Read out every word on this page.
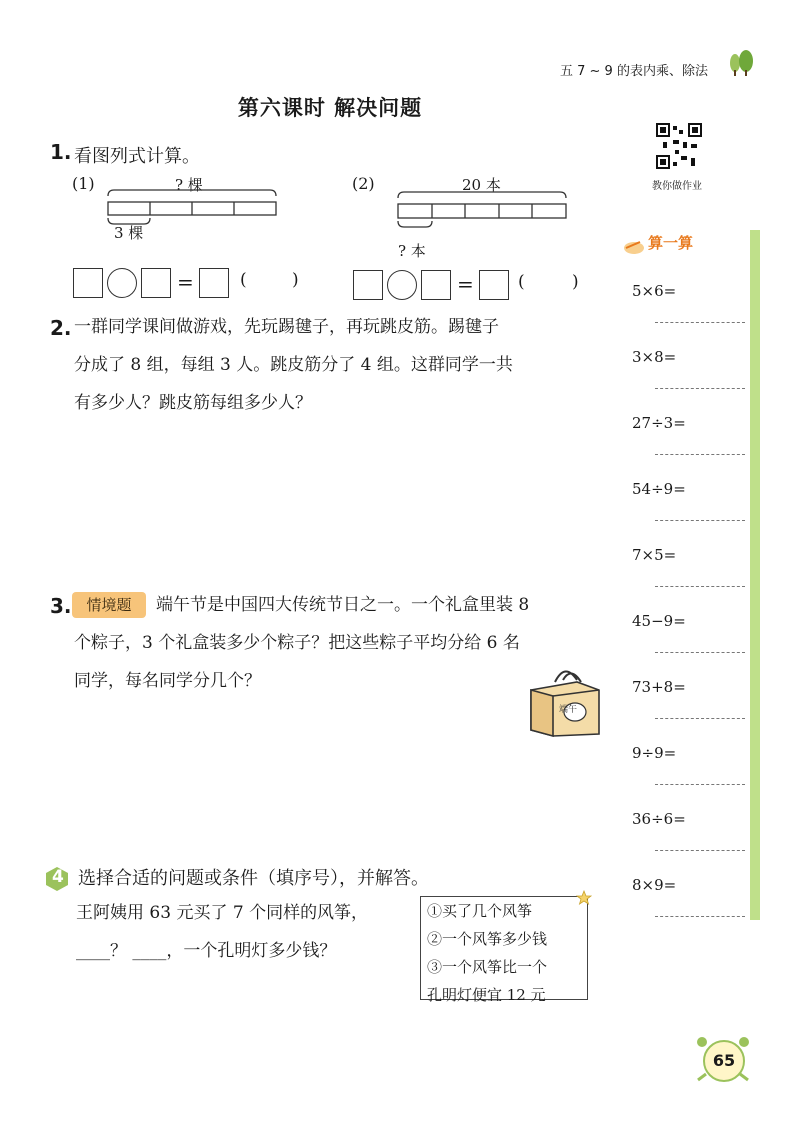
五 7 ~ 9 的表内乘、除法
第六课时 解决问题
教你做作业
1. 看图列式计算。
(1)	? 棵
3 棵
=	(	)
(2)	20 本
? 本
=	(	)
2. 一群同学课间做游戏，先玩踢毽子，再玩跳皮筋。踢毽子
分成了 8 组，每组 3 人。跳皮筋分了 4 组。这群同学一共
有多少人？跳皮筋每组多少人？
3. 情境题	端午节是中国四大传统节日之一。一个礼盒里装 8
个粽子，3 个礼盒装多少个粽子？把这些粽子平均分给 6 名
同学，每名同学分几个？
端午
4 选择合适的问题或条件（填序号），并解答。
王阿姨用 63 元买了 7 个同样的风筝，
____？ ____，一个孔明灯多少钱？
①买了几个风筝
②一个风筝多少钱
③一个风筝比一个
孔明灯便宜 12 元
算一算
5×6=
3×8=
27÷3=
54÷9=
7×5=
45−9=
73+8=
9÷9=
36÷6=
8×9=
65
